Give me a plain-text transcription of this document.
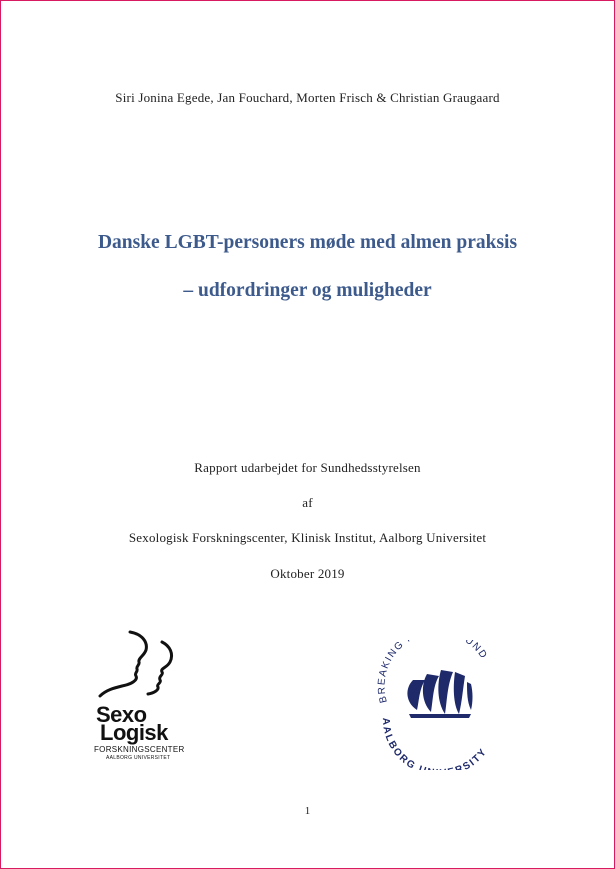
Siri Jonina Egede, Jan Fouchard, Morten Frisch & Christian Graugaard
Danske LGBT-personers møde med almen praksis
– udfordringer og muligheder
Rapport udarbejdet for Sundhedsstyrelsen
af
Sexologisk Forskningscenter, Klinisk Institut, Aalborg Universitet
Oktober 2019
Sexo
Logisk
FORSKNINGSCENTER
AALBORG UNIVERSITET
BREAKING UND
AALBORG RSITY
1
